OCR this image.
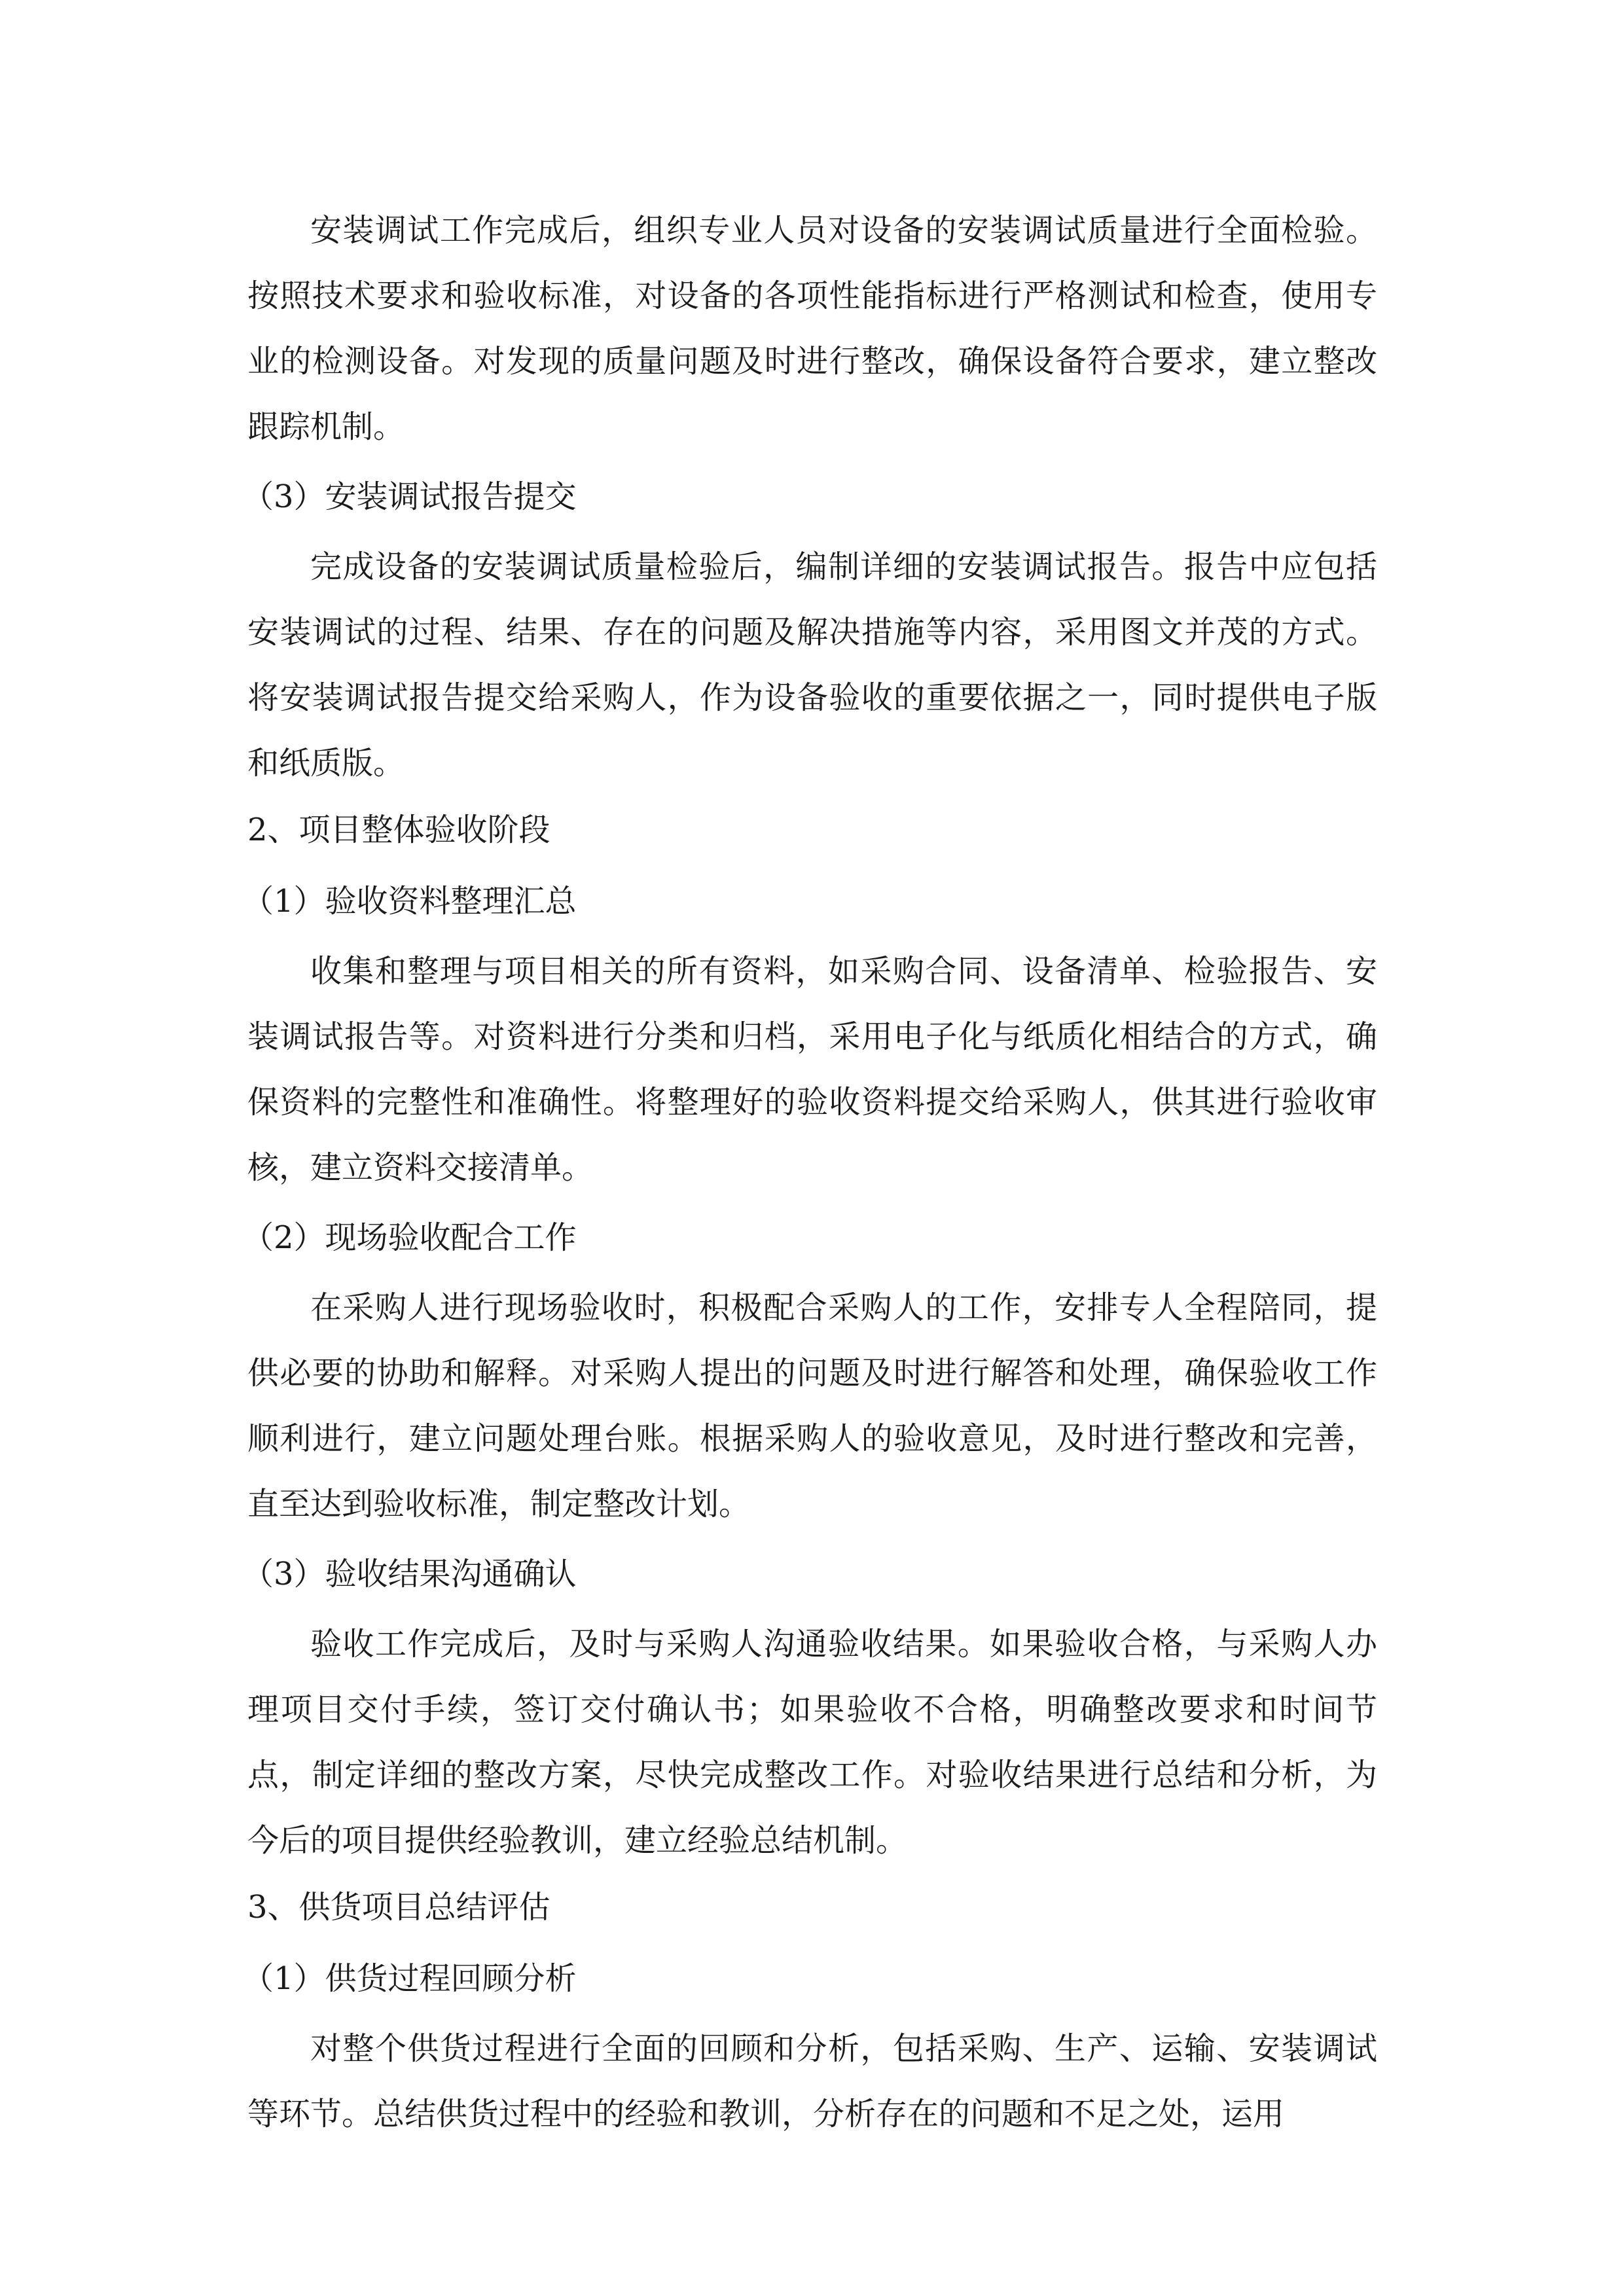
安装调试工作完成后，组织专业人员对设备的安装调试质量进行全面检验。按照技术要求和验收标准，对设备的各项性能指标进行严格测试和检查，使用专业的检测设备。对发现的质量问题及时进行整改，确保设备符合要求，建立整改跟踪机制。

（3）安装调试报告提交

完成设备的安装调试质量检验后，编制详细的安装调试报告。报告中应包括安装调试的过程、结果、存在的问题及解决措施等内容，采用图文并茂的方式。将安装调试报告提交给采购人，作为设备验收的重要依据之一，同时提供电子版和纸质版。

2、项目整体验收阶段

（1）验收资料整理汇总

收集和整理与项目相关的所有资料，如采购合同、设备清单、检验报告、安装调试报告等。对资料进行分类和归档，采用电子化与纸质化相结合的方式，确保资料的完整性和准确性。将整理好的验收资料提交给采购人，供其进行验收审核，建立资料交接清单。

（2）现场验收配合工作

在采购人进行现场验收时，积极配合采购人的工作，安排专人全程陪同，提供必要的协助和解释。对采购人提出的问题及时进行解答和处理，确保验收工作顺利进行，建立问题处理台账。根据采购人的验收意见，及时进行整改和完善，直至达到验收标准，制定整改计划。

（3）验收结果沟通确认

验收工作完成后，及时与采购人沟通验收结果。如果验收合格，与采购人办理项目交付手续，签订交付确认书；如果验收不合格，明确整改要求和时间节点，制定详细的整改方案，尽快完成整改工作。对验收结果进行总结和分析，为今后的项目提供经验教训，建立经验总结机制。

3、供货项目总结评估

（1）供货过程回顾分析

对整个供货过程进行全面的回顾和分析，包括采购、生产、运输、安装调试等环节。总结供货过程中的经验和教训，分析存在的问题和不足之处，运用
